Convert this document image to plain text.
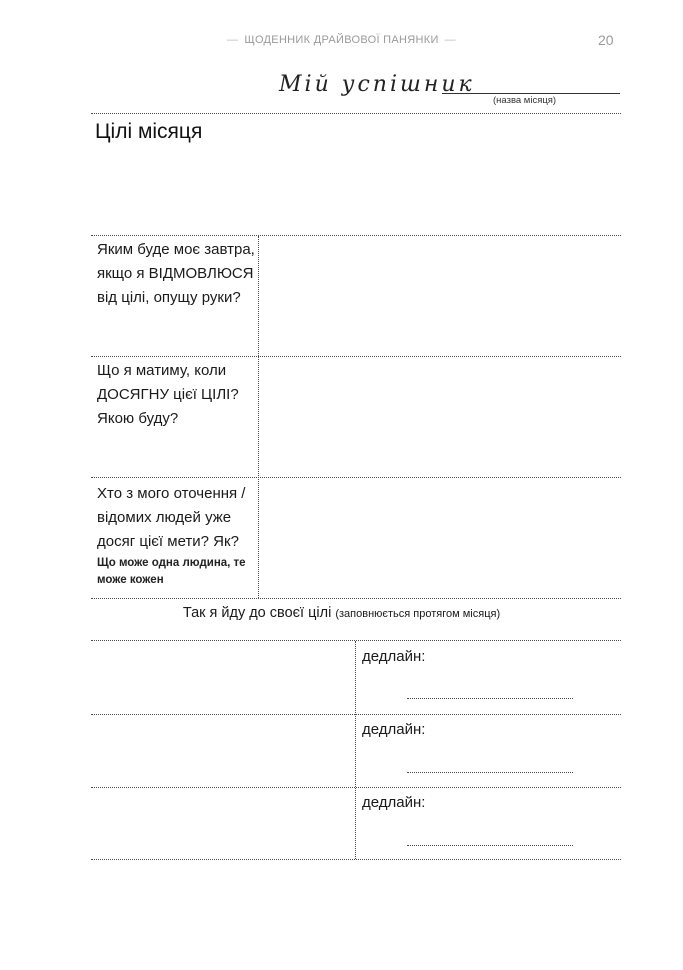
— ЩОДЕННИК ДРАЙВОВОЇ ПАНЯНКИ —	20
Мій успішник
(назва місяця)
Цілі місяця
Яким буде моє завтра,
якщо я ВІДМОВЛЮСЯ
від цілі, опущу руки?
Що я матиму, коли
ДОСЯГНУ цієї ЦІЛІ?
Якою буду?
Хто з мого оточення /
відомих людей уже
досяг цієї мети? Як?
Що може одна людина, те може кожен
Так я йду до своєї цілі (заповнюється протягом місяця)
дедлайн:
дедлайн:
дедлайн:
